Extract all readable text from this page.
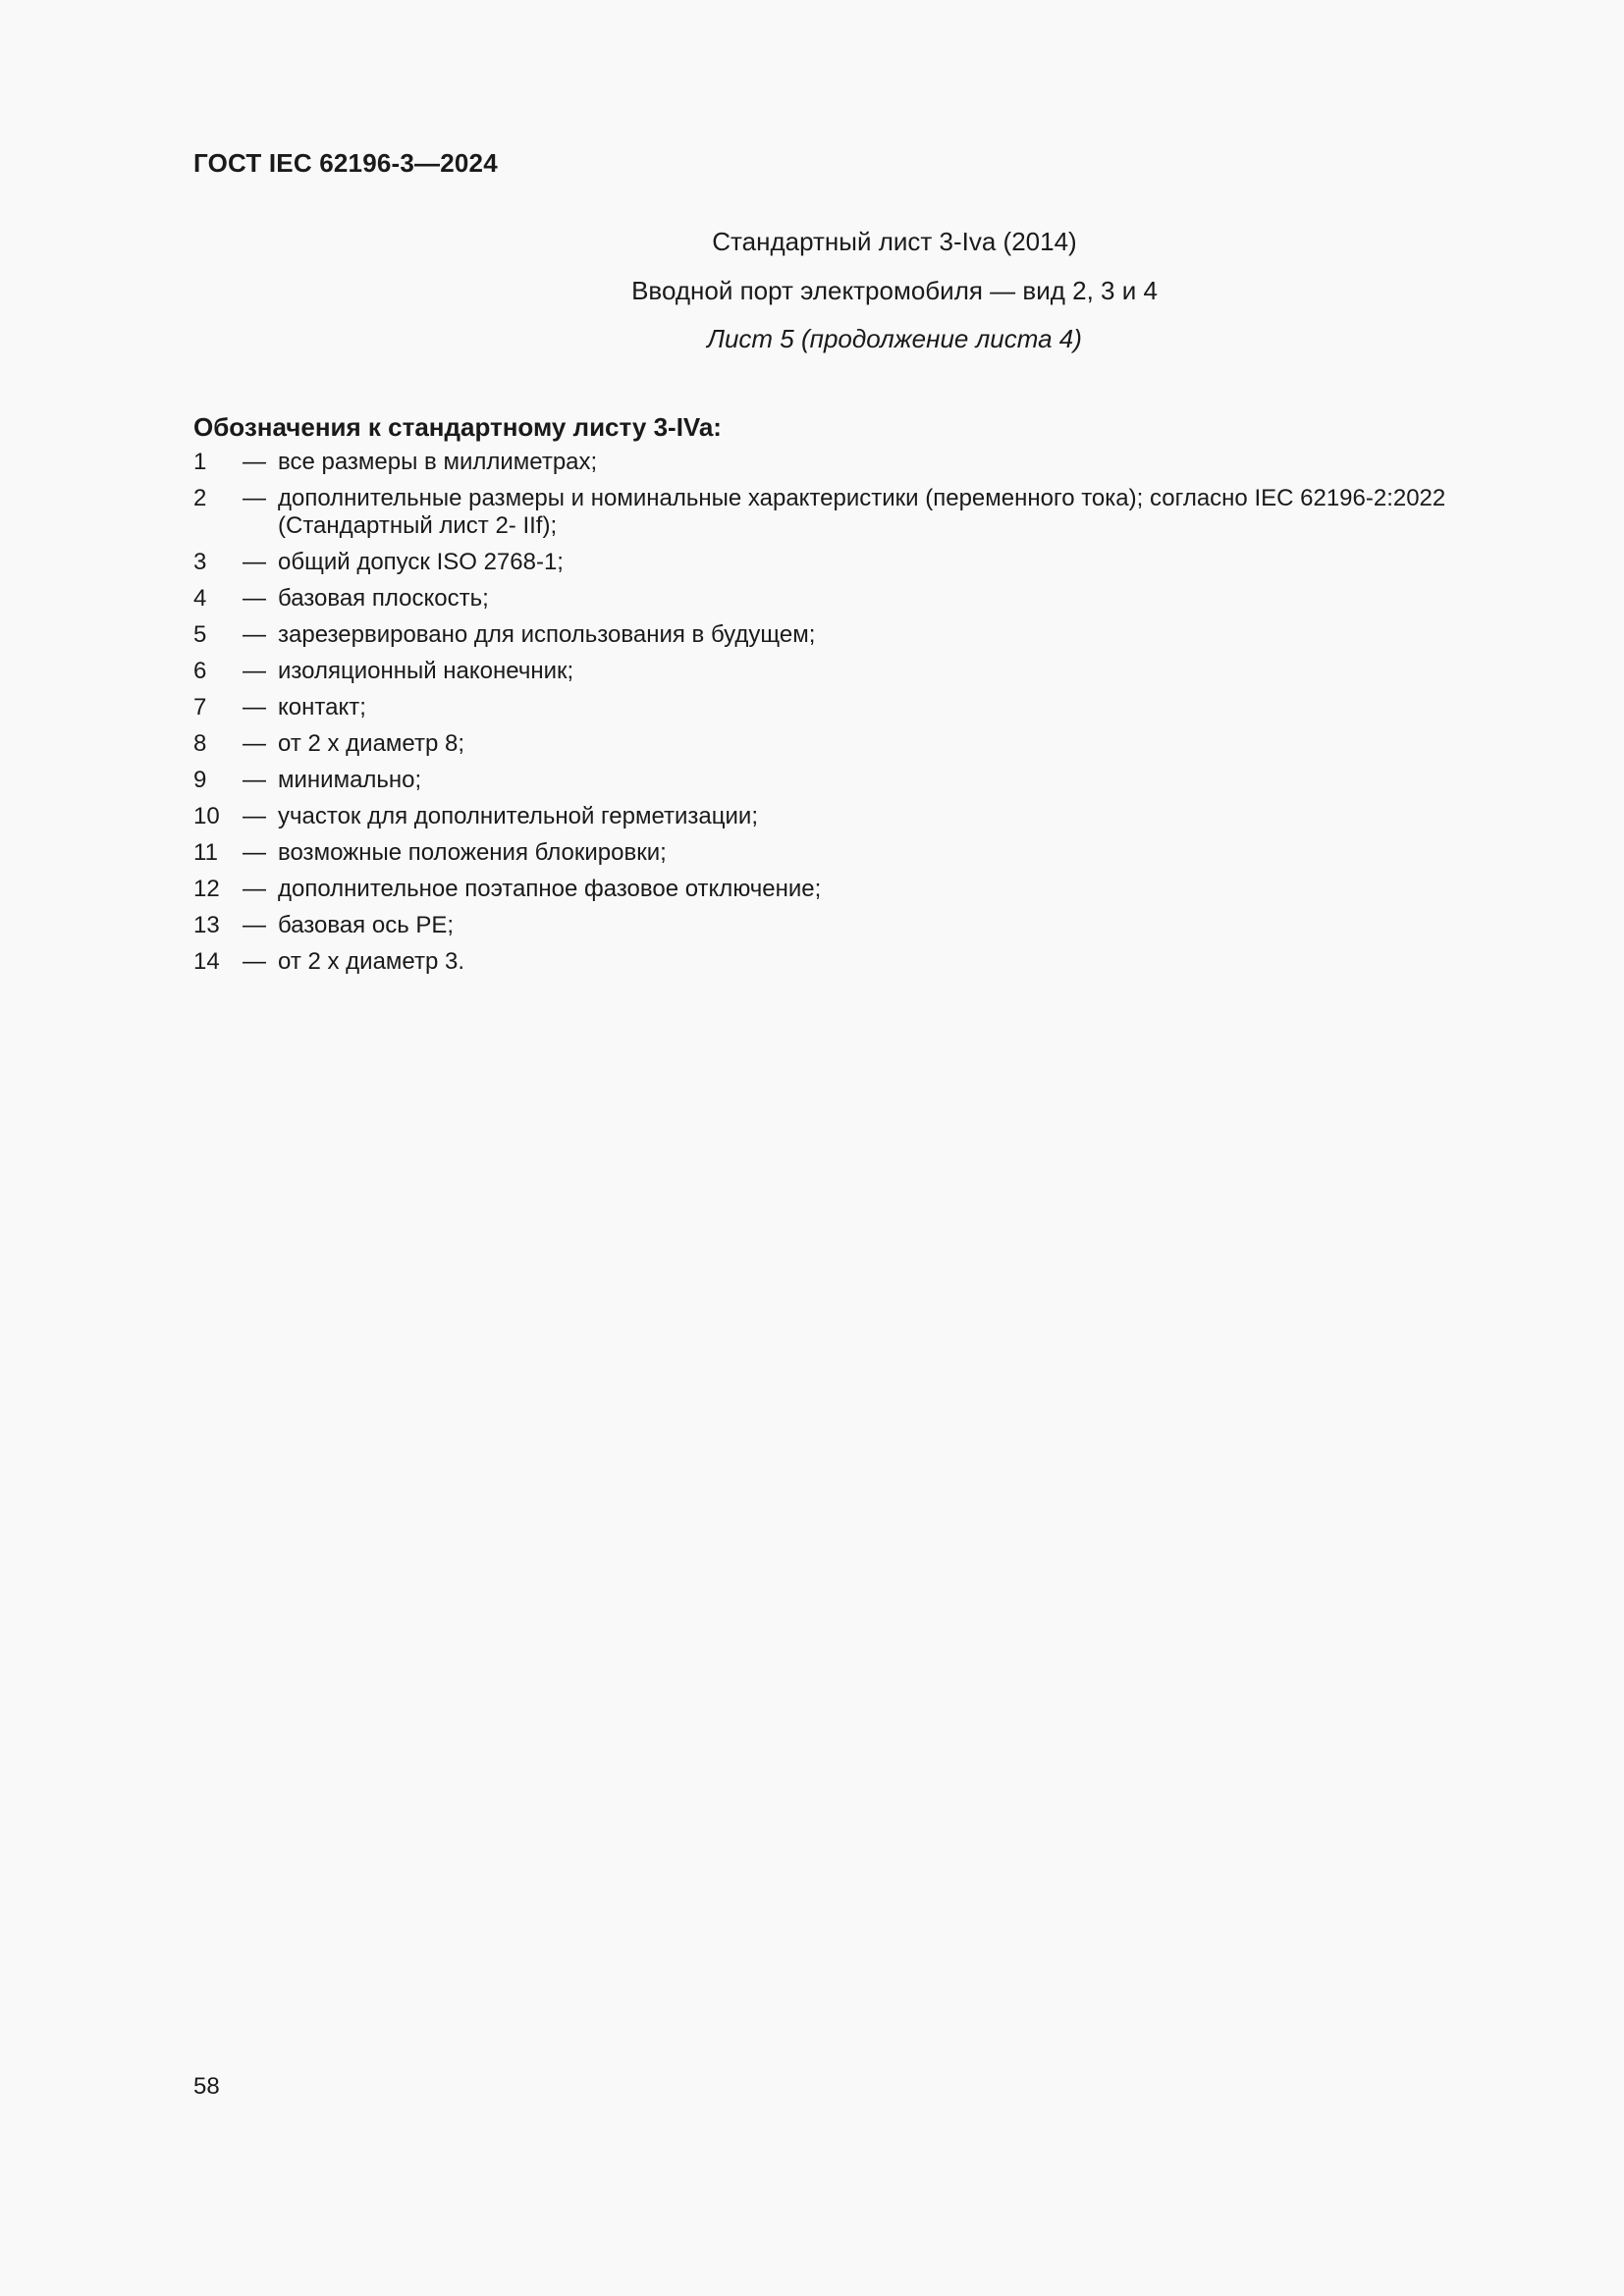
ГОСТ IEC 62196-3—2024
Стандартный лист 3-Iva (2014)
Вводной порт электромобиля — вид 2, 3 и 4
Лист 5 (продолжение листа 4)
Обозначения к стандартному листу 3-IVa:
1	— все размеры в миллиметрах;
2	— дополнительные размеры и номинальные характеристики (переменного тока); согласно IEC 62196-2:2022 (Стандартный лист 2- IIf);
3	— общий допуск ISO 2768-1;
4	— базовая плоскость;
5	— зарезервировано для использования в будущем;
6	— изоляционный наконечник;
7	— контакт;
8	— от 2 х диаметр 8;
9	— минимально;
10 — участок для дополнительной герметизации;
11	— возможные положения блокировки;
12 — дополнительное поэтапное фазовое отключение;
13 — базовая ось PE;
14 — от 2 х диаметр 3.
58
